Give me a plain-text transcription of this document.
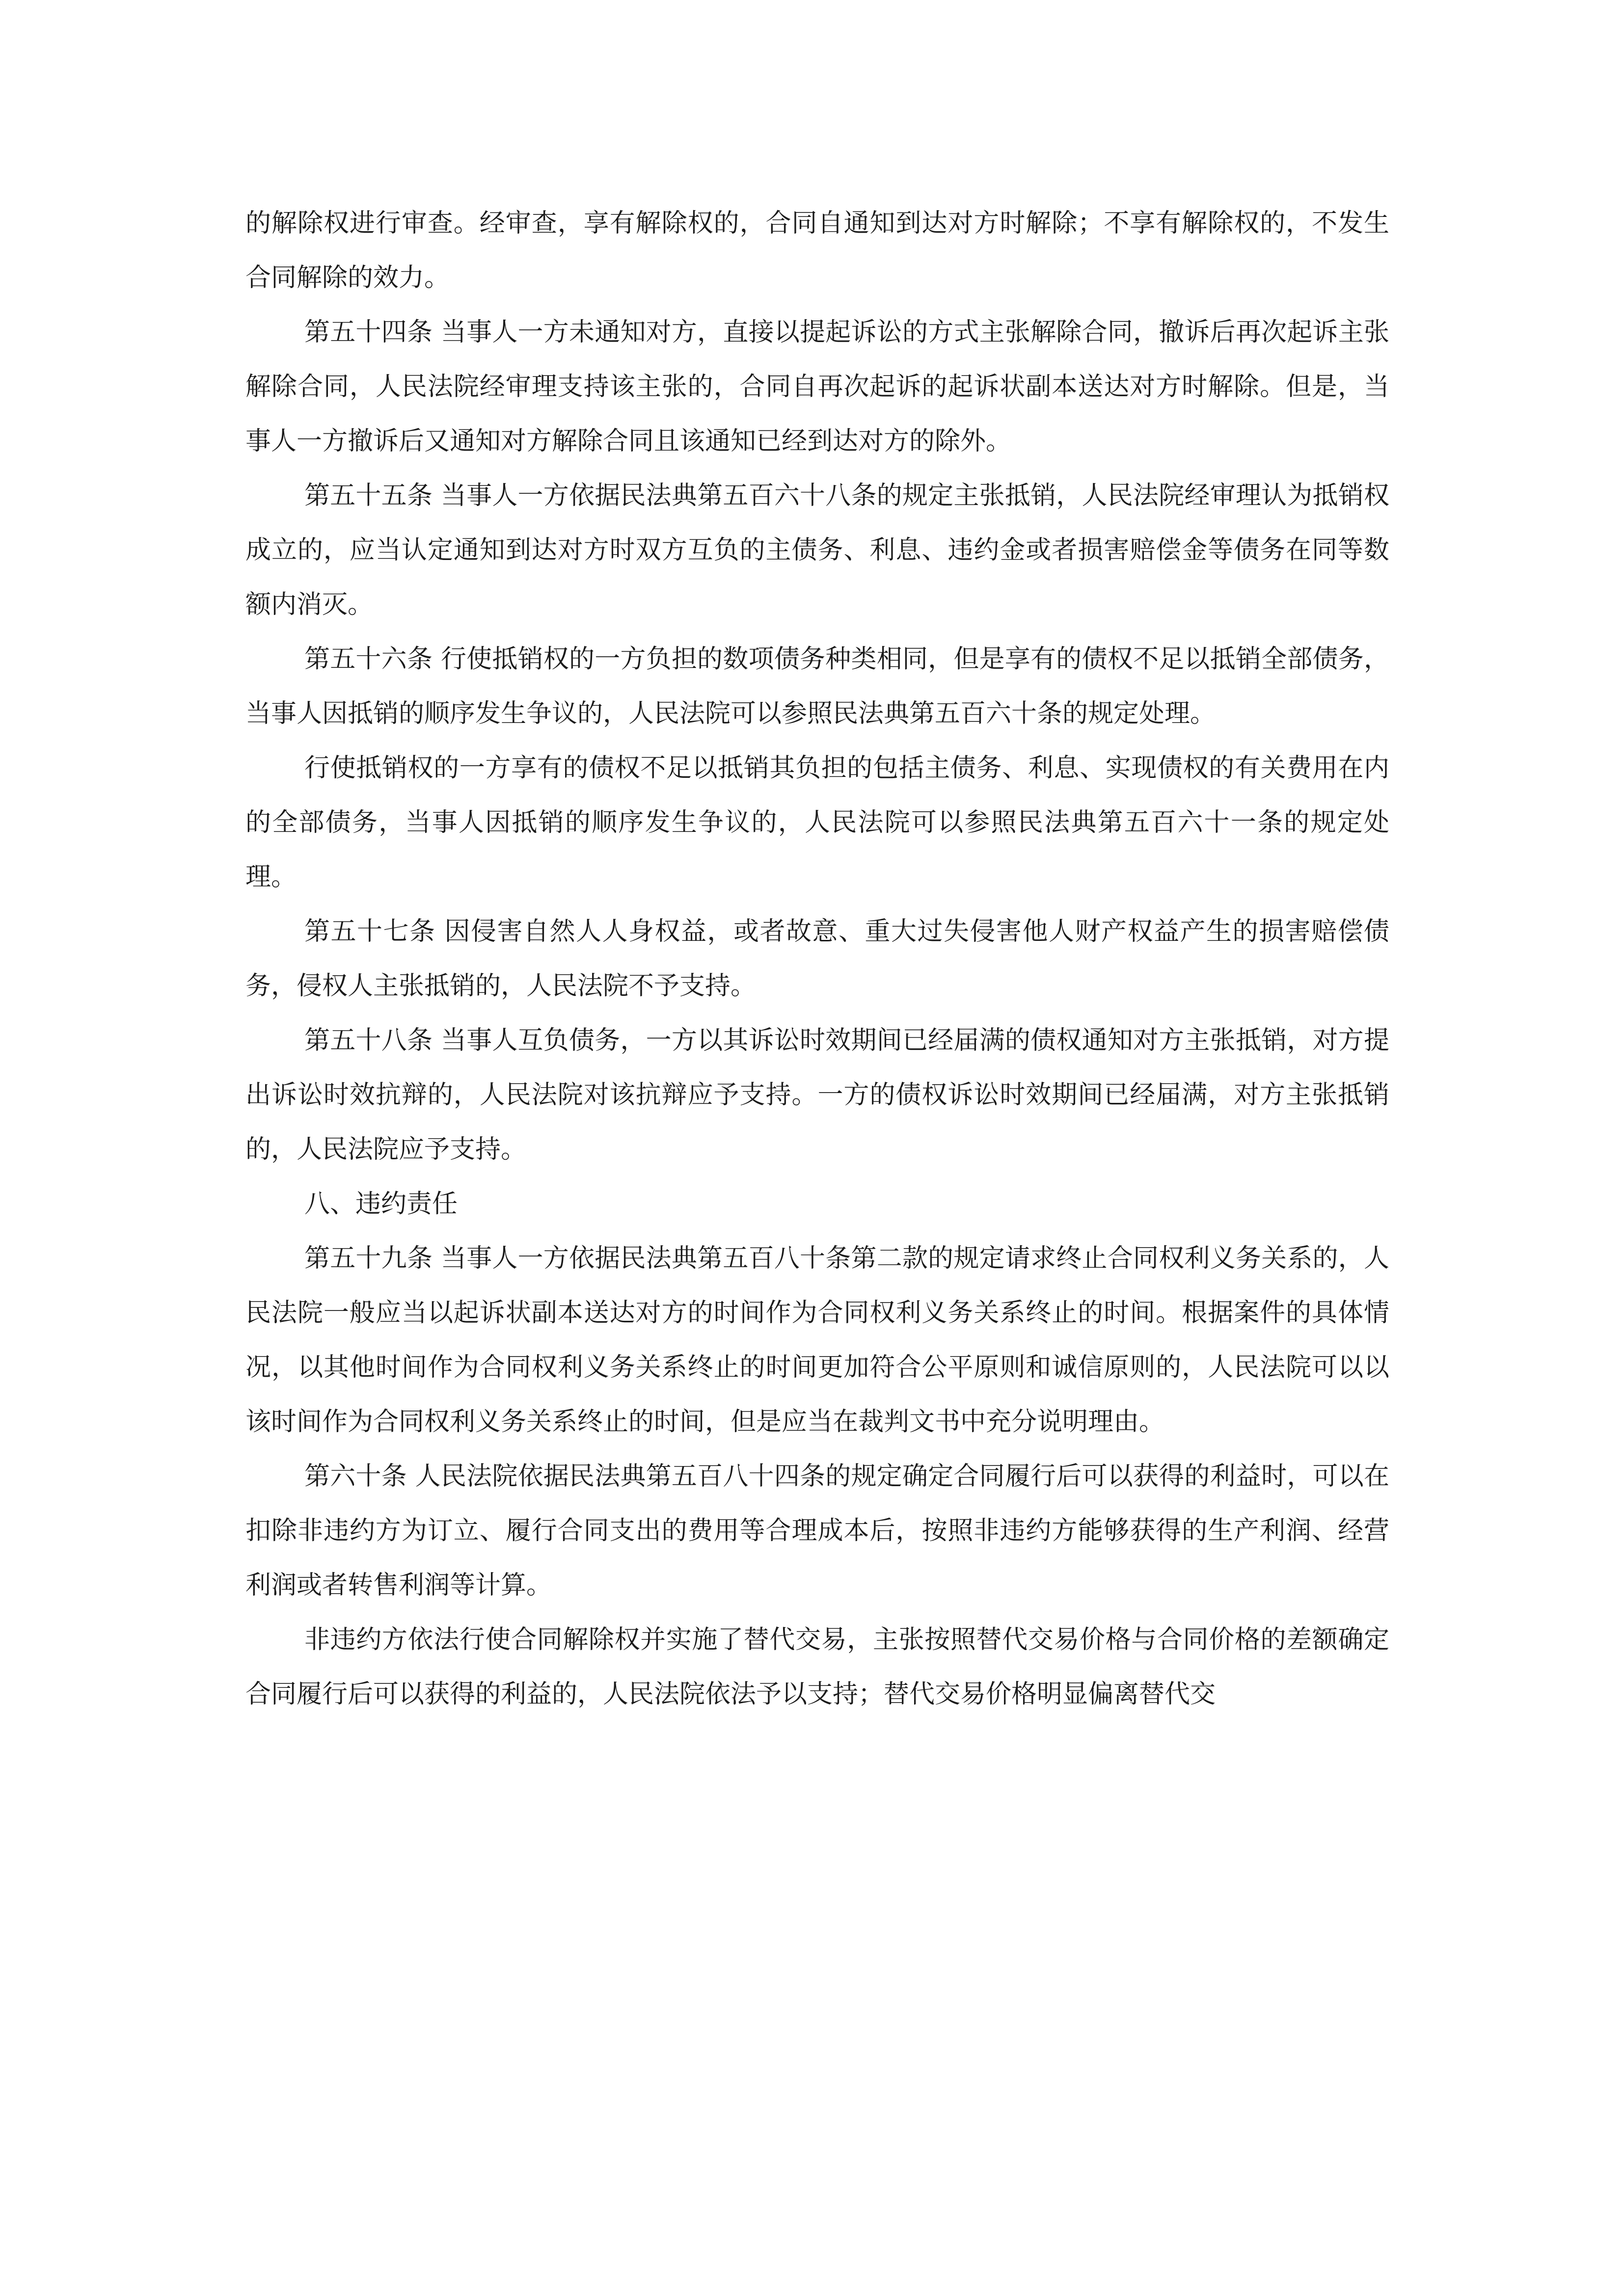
的解除权进行审查。经审查，享有解除权的，合同自通知到达对方时解除；不享有解除权的，不发生合同解除的效力。

第五十四条 当事人一方未通知对方，直接以提起诉讼的方式主张解除合同，撤诉后再次起诉主张解除合同，人民法院经审理支持该主张的，合同自再次起诉的起诉状副本送达对方时解除。但是，当事人一方撤诉后又通知对方解除合同且该通知已经到达对方的除外。

第五十五条 当事人一方依据民法典第五百六十八条的规定主张抵销，人民法院经审理认为抵销权成立的，应当认定通知到达对方时双方互负的主债务、利息、违约金或者损害赔偿金等债务在同等数额内消灭。

第五十六条 行使抵销权的一方负担的数项债务种类相同，但是享有的债权不足以抵销全部债务，当事人因抵销的顺序发生争议的，人民法院可以参照民法典第五百六十条的规定处理。

行使抵销权的一方享有的债权不足以抵销其负担的包括主债务、利息、实现债权的有关费用在内的全部债务，当事人因抵销的顺序发生争议的，人民法院可以参照民法典第五百六十一条的规定处理。

第五十七条 因侵害自然人人身权益，或者故意、重大过失侵害他人财产权益产生的损害赔偿债务，侵权人主张抵销的，人民法院不予支持。

第五十八条 当事人互负债务，一方以其诉讼时效期间已经届满的债权通知对方主张抵销，对方提出诉讼时效抗辩的，人民法院对该抗辩应予支持。一方的债权诉讼时效期间已经届满，对方主张抵销的，人民法院应予支持。

八、违约责任

第五十九条 当事人一方依据民法典第五百八十条第二款的规定请求终止合同权利义务关系的，人民法院一般应当以起诉状副本送达对方的时间作为合同权利义务关系终止的时间。根据案件的具体情况，以其他时间作为合同权利义务关系终止的时间更加符合公平原则和诚信原则的，人民法院可以以该时间作为合同权利义务关系终止的时间，但是应当在裁判文书中充分说明理由。

第六十条 人民法院依据民法典第五百八十四条的规定确定合同履行后可以获得的利益时，可以在扣除非违约方为订立、履行合同支出的费用等合理成本后，按照非违约方能够获得的生产利润、经营利润或者转售利润等计算。

非违约方依法行使合同解除权并实施了替代交易，主张按照替代交易价格与合同价格的差额确定合同履行后可以获得的利益的，人民法院依法予以支持；替代交易价格明显偏离替代交
